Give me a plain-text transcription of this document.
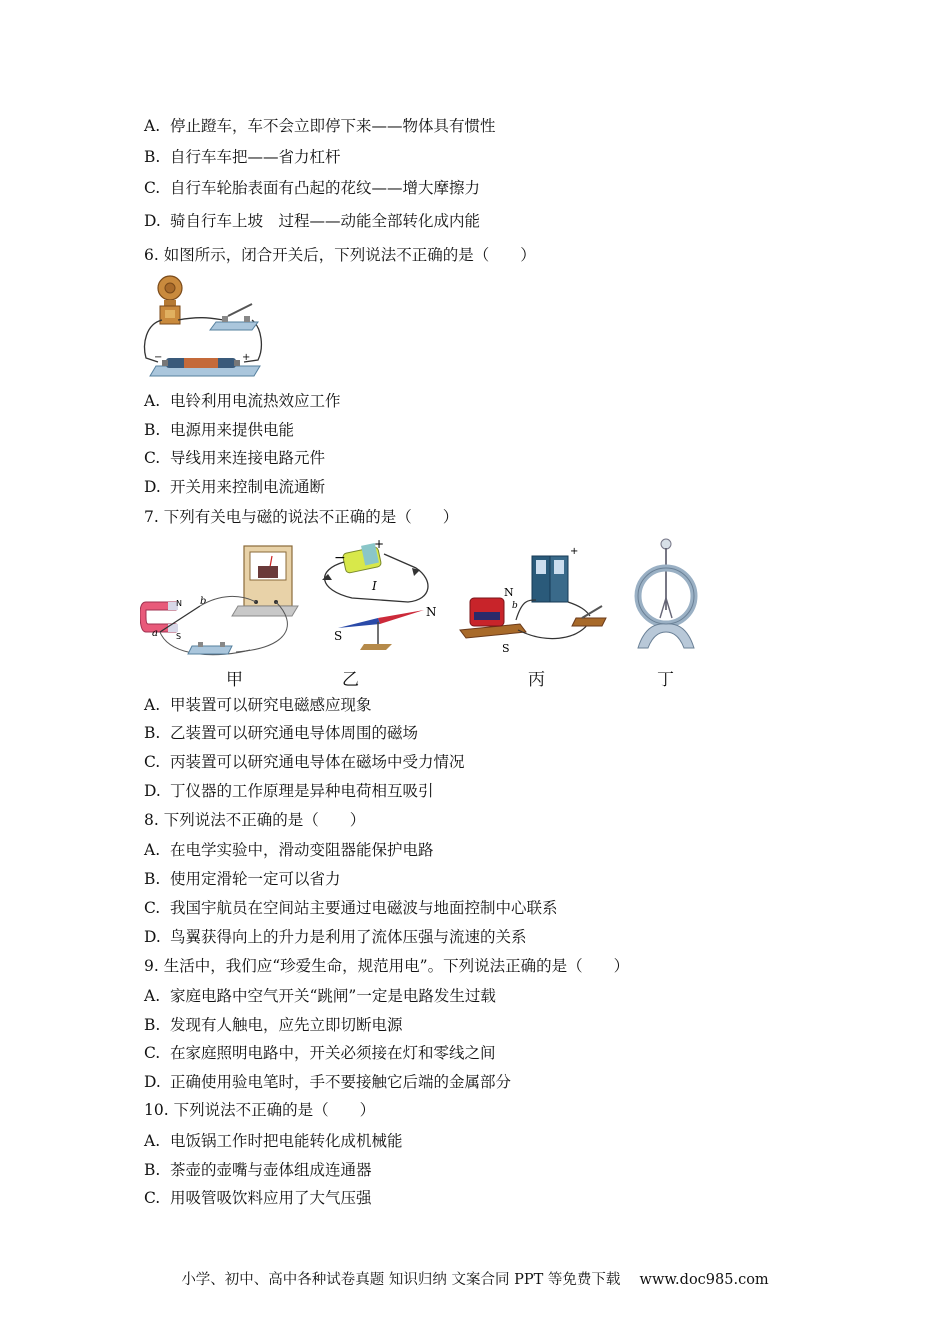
A. 停止蹬车，车不会立即停下来——物体具有惯性
B. 自行车车把——省力杠杆
C. 自行车轮胎表面有凸起的花纹——增大摩擦力
D. 骑自行车上坡　过程——动能全部转化成内能
6. 如图所示，闭合开关后，下列说法不正确的是（　　）
−	+
A. 电铃利用电流热效应工作
B. 电源用来提供电能
C. 导线用来连接电路元件
D. 开关用来控制电流通断
7. 下列有关电与磁的说法不正确的是（　　）
N
S
a
b
甲
−
+
I
S
N
乙
+
N
S
b
丙	丁
A. 甲装置可以研究电磁感应现象
B. 乙装置可以研究通电导体周围的磁场
C. 丙装置可以研究通电导体在磁场中受力情况
D. 丁仪器的工作原理是异种电荷相互吸引
8. 下列说法不正确的是（　　）
A. 在电学实验中，滑动变阻器能保护电路
B. 使用定滑轮一定可以省力
C. 我国宇航员在空间站主要通过电磁波与地面控制中心联系
D. 鸟翼获得向上的升力是利用了流体压强与流速的关系
9. 生活中，我们应“珍爱生命，规范用电”。下列说法正确的是（　　）
A. 家庭电路中空气开关“跳闸”一定是电路发生过载
B. 发现有人触电，应先立即切断电源
C. 在家庭照明电路中，开关必须接在灯和零线之间
D. 正确使用验电笔时，手不要接触它后端的金属部分
10. 下列说法不正确的是（　　）
A. 电饭锅工作时把电能转化成机械能
B. 茶壶的壶嘴与壶体组成连通器
C. 用吸管吸饮料应用了大气压强
小学、初中、高中各种试卷真题 知识归纳 文案合同 PPT 等免费下载　 www.doc985.com
